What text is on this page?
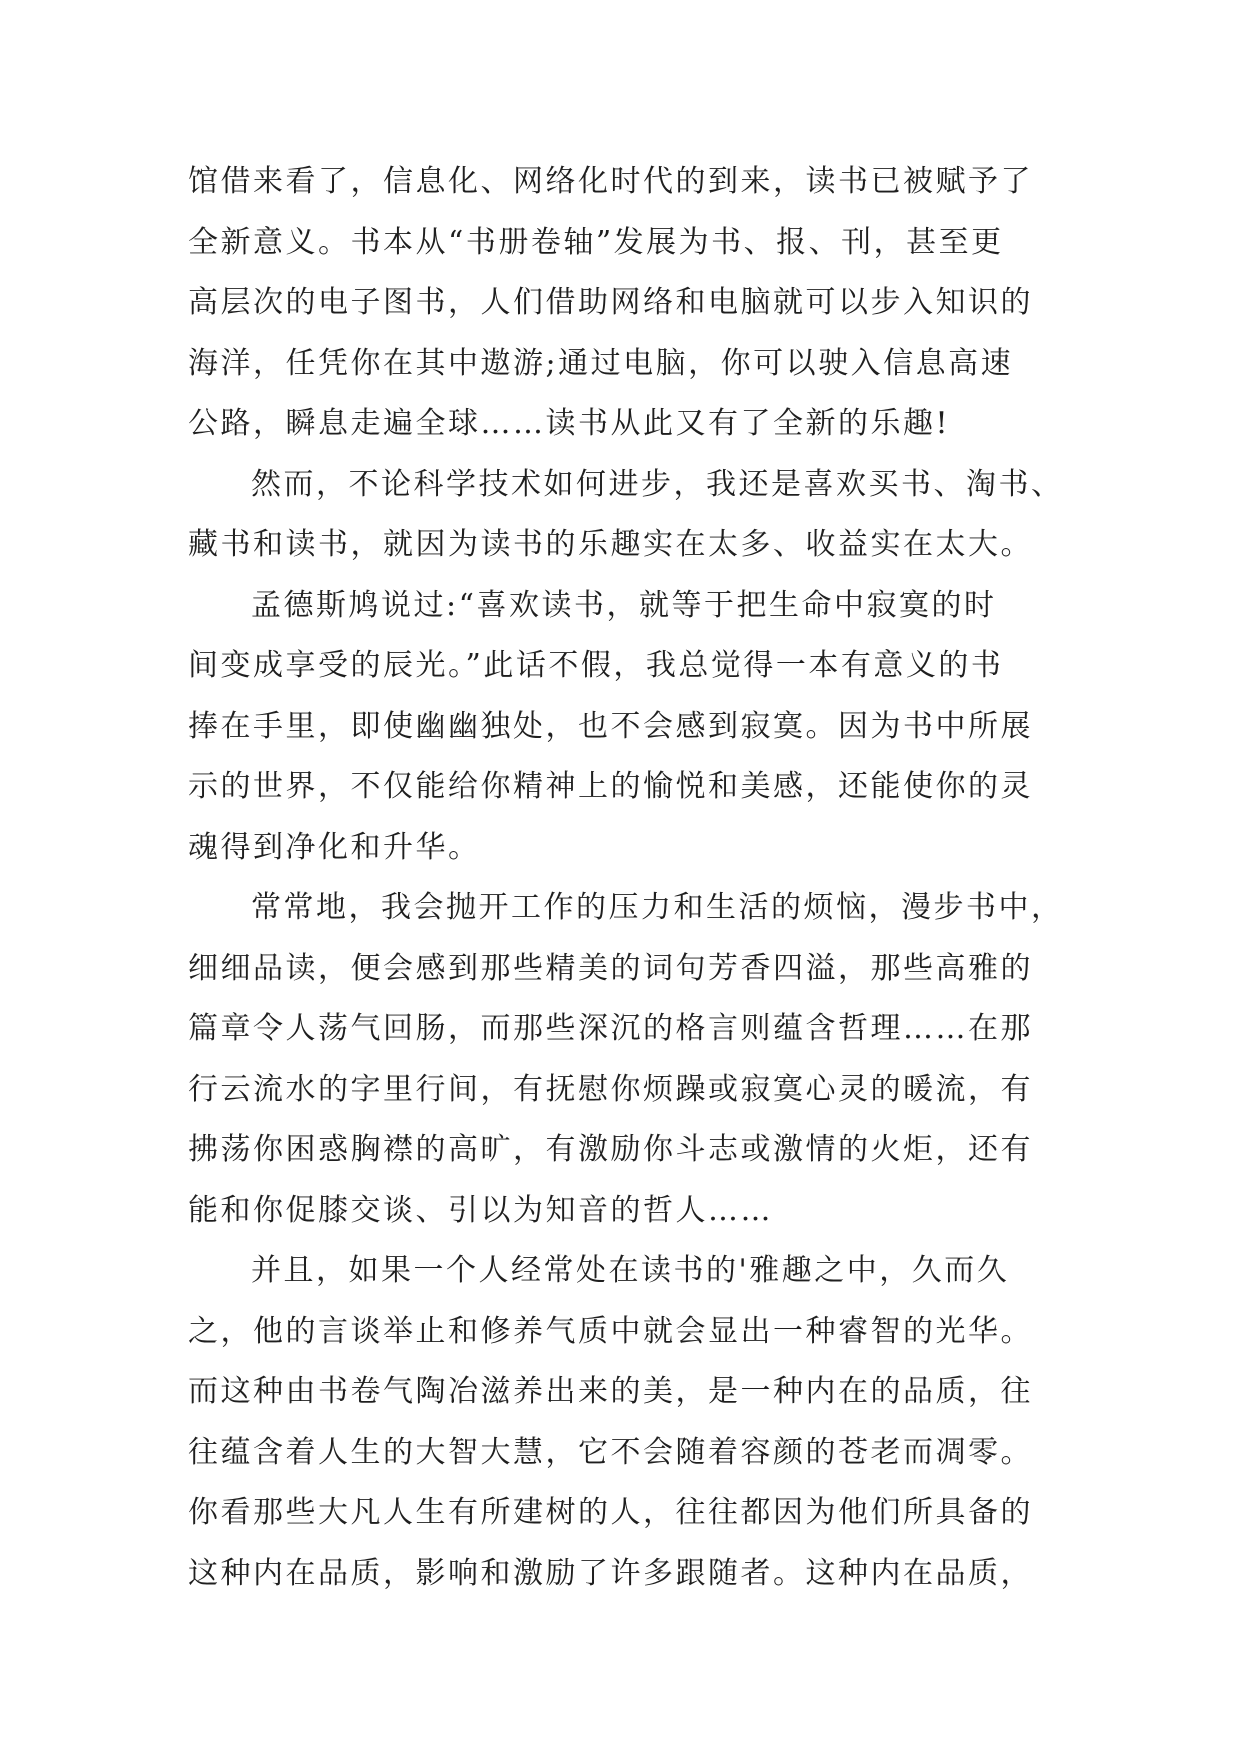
馆借来看了，信息化、网络化时代的到来，读书已被赋予了
全新意义。书本从“书册卷轴”发展为书、报、刊，甚至更
高层次的电子图书，人们借助网络和电脑就可以步入知识的
海洋，任凭你在其中遨游;通过电脑，你可以驶入信息高速
公路，瞬息走遍全球……读书从此又有了全新的乐趣!
然而，不论科学技术如何进步，我还是喜欢买书、淘书、
藏书和读书，就因为读书的乐趣实在太多、收益实在太大。
孟德斯鸠说过:“喜欢读书，就等于把生命中寂寞的时
间变成享受的辰光。”此话不假，我总觉得一本有意义的书
捧在手里，即使幽幽独处，也不会感到寂寞。因为书中所展
示的世界，不仅能给你精神上的愉悦和美感，还能使你的灵
魂得到净化和升华。
常常地，我会抛开工作的压力和生活的烦恼，漫步书中，
细细品读，便会感到那些精美的词句芳香四溢，那些高雅的
篇章令人荡气回肠，而那些深沉的格言则蕴含哲理……在那
行云流水的字里行间，有抚慰你烦躁或寂寞心灵的暖流，有
拂荡你困惑胸襟的高旷，有激励你斗志或激情的火炬，还有
能和你促膝交谈、引以为知音的哲人……
并且，如果一个人经常处在读书的'雅趣之中，久而久
之，他的言谈举止和修养气质中就会显出一种睿智的光华。
而这种由书卷气陶冶滋养出来的美，是一种内在的品质，往
往蕴含着人生的大智大慧，它不会随着容颜的苍老而凋零。
你看那些大凡人生有所建树的人，往往都因为他们所具备的
这种内在品质，影响和激励了许多跟随者。这种内在品质，
